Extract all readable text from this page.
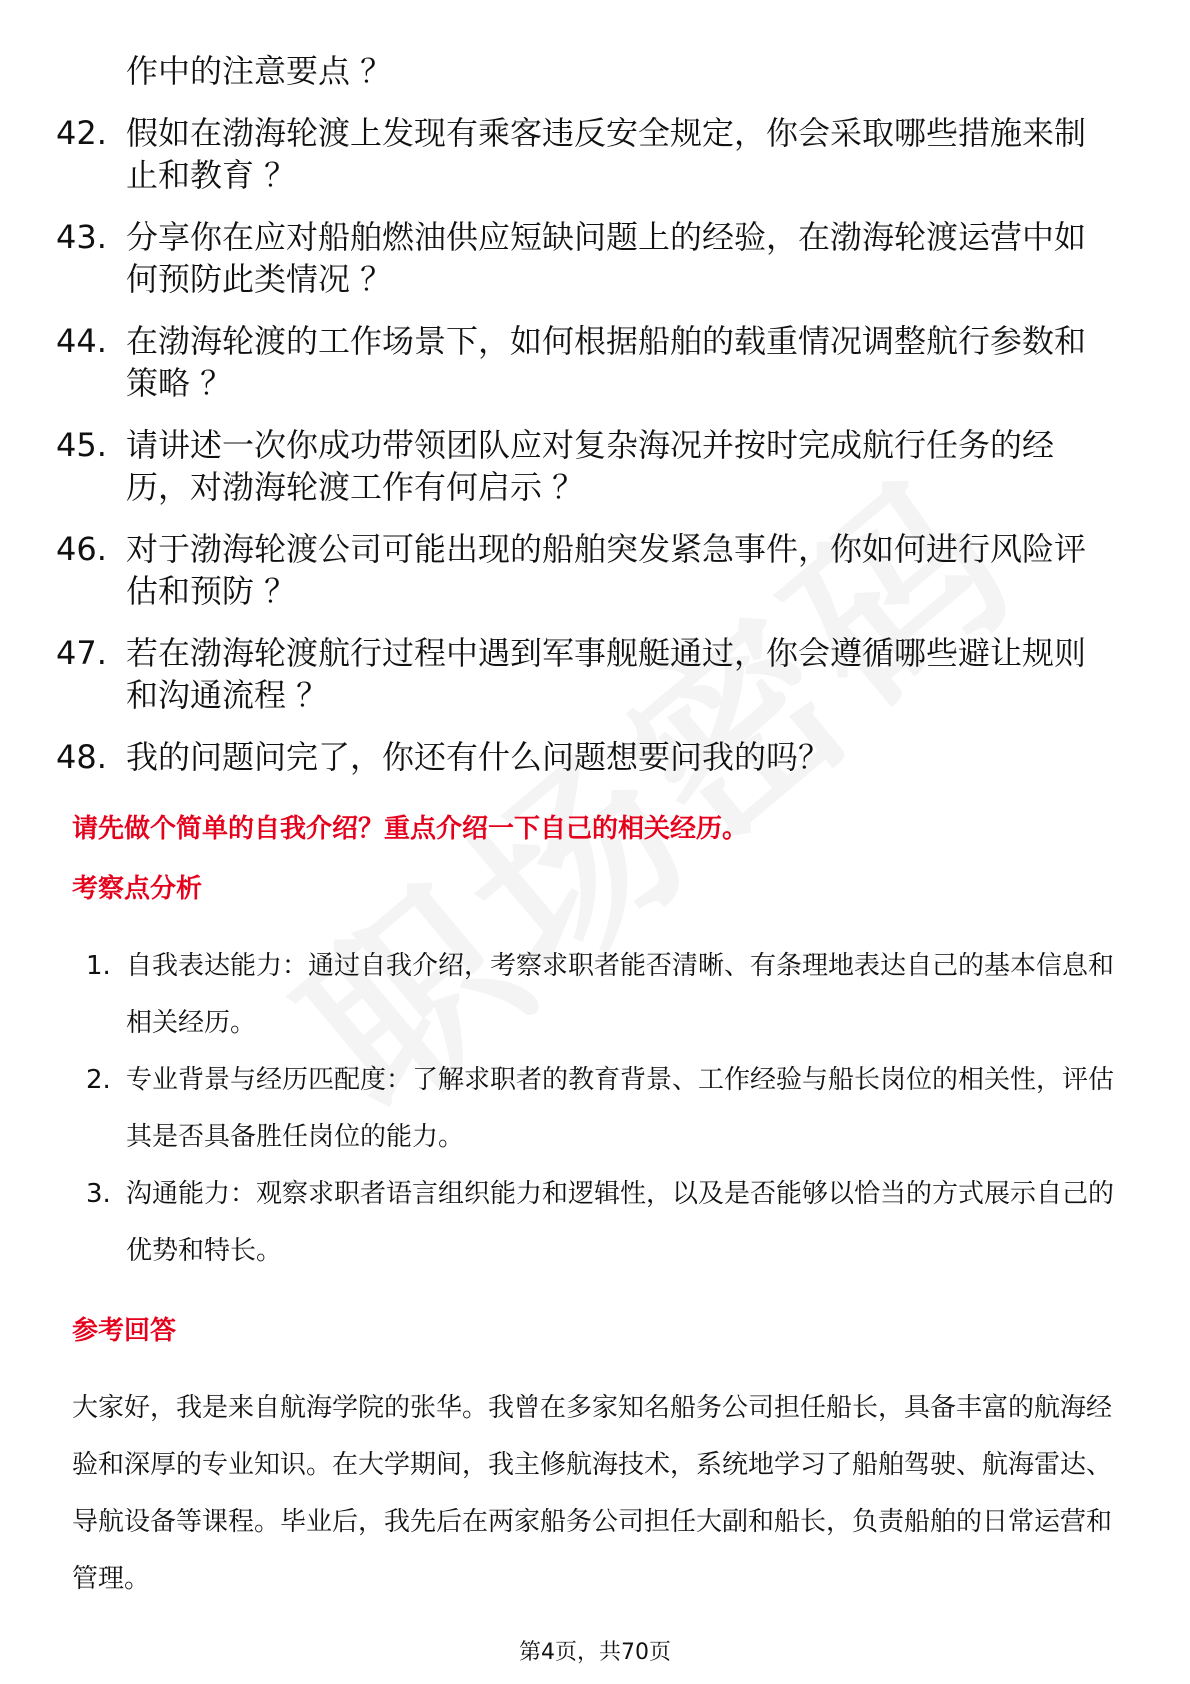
作中的注意要点 ？
42. 假如在渤海轮渡上发现有乘客违反安全规定，你会采取哪些措施来制止和教育 ？
43. 分享你在应对船舶燃油供应短缺问题上的经验，在渤海轮渡运营中如何预防此类情况 ？
44. 在渤海轮渡的工作场景下，如何根据船舶的载重情况调整航行参数和策略 ？
45. 请讲述一次你成功带领团队应对复杂海况并按时完成航行任务的经历，对渤海轮渡工作有何启示 ？
46. 对于渤海轮渡公司可能出现的船舶突发紧急事件，你如何进行风险评估和预防 ？
47. 若在渤海轮渡航行过程中遇到军事舰艇通过，你会遵循哪些避让规则和沟通流程 ？
48. 我的问题问完了，你还有什么问题想要问我的吗？
请先做个简单的自我介绍？重点介绍一下自己的相关经历。
考察点分析
1. 自我表达能力：通过自我介绍，考察求职者能否清晰、有条理地表达自己的基本信息和相关经历。
2. 专业背景与经历匹配度：了解求职者的教育背景、工作经验与船长岗位的相关性，评估其是否具备胜任岗位的能力。
3. 沟通能力：观察求职者语言组织能力和逻辑性，以及是否能够以恰当的方式展示自己的优势和特长。
参考回答

大家好，我是来自航海学院的张华。我曾在多家知名船务公司担任船长，具备丰富的航海经验和深厚的专业知识。在大学期间，我主修航海技术，系统地学习了船舶驾驶、航海雷达、导航设备等课程。毕业后，我先后在两家船务公司担任大副和船长，负责船舶的日常运营和管理。

第4页，共70页
